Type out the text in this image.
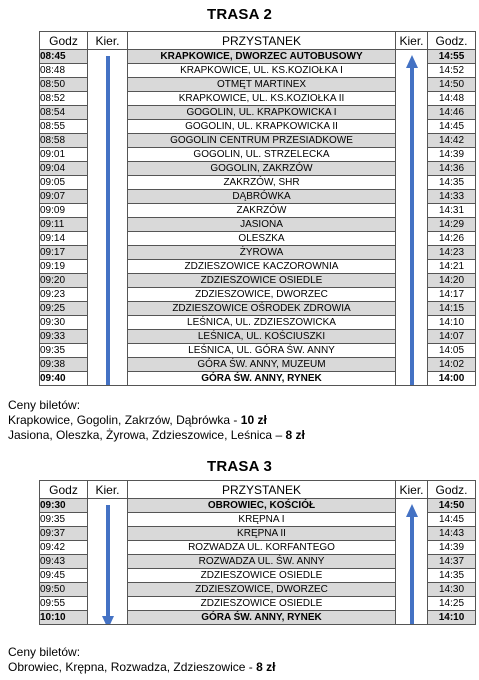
TRASA 2
Godz	Kier.	PRZYSTANEK	Kier.	Godz.
08:45		KRAPKOWICE, DWORZEC AUTOBUSOWY		14:55
08:48		KRAPKOWICE, UL. KS.KOZIOŁKA I		14:52
08:50		OTMĘT MARTINEX		14:50
08:52		KRAPKOWICE, UL. KS.KOZIOŁKA II		14:48
08:54		GOGOLIN, UL. KRAPKOWICKA I		14:46
08:55		GOGOLIN, UL. KRAPKOWICKA II		14:45
08:58		GOGOLIN CENTRUM PRZESIADKOWE		14:42
09:01		GOGOLIN, UL. STRZELECKA		14:39
09:04		GOGOLIN, ZAKRZÓW		14:36
09:05		ZAKRZÓW, SHR		14:35
09:07		DĄBRÓWKA		14:33
09:09		ZAKRZÓW		14:31
09:11		JASIONA		14:29
09:14		OLESZKA		14:26
09:17		ŻYROWA		14:23
09:19		ZDZIESZOWICE KACZOROWNIA		14:21
09:20		ZDZIESZOWICE OSIEDLE		14:20
09:23		ZDZIESZOWICE, DWORZEC		14:17
09:25		ZDZIESZOWICE OŚRODEK ZDROWIA		14:15
09:30		LEŚNICA, UL. ZDZIESZOWICKA		14:10
09:33		LEŚNICA, UL. KOŚCIUSZKI		14:07
09:35		LEŚNICA, UL. GÓRA ŚW. ANNY		14:05
09:38		GÓRA ŚW. ANNY, MUZEUM		14:02
09:40		GÓRA ŚW. ANNY, RYNEK		14:00
Ceny biletów:
Krapkowice, Gogolin, Zakrzów, Dąbrówka - 10 zł
Jasiona, Oleszka, Żyrowa, Zdzieszowice, Leśnica – 8 zł
TRASA 3
Godz	Kier.	PRZYSTANEK	Kier.	Godz.
09:30		OBROWIEC, KOŚCIÓŁ		14:50
09:35		KRĘPNA I		14:45
09:37		KRĘPNA II		14:43
09:42		ROZWADZA UL. KORFANTEGO		14:39
09:43		ROZWADZA UL. ŚW. ANNY		14:37
09:45		ZDZIESZOWICE OSIEDLE		14:35
09:50		ZDZIESZOWICE, DWORZEC		14:30
09:55		ZDZIESZOWICE OSIEDLE		14:25
10:10		GÓRA ŚW. ANNY, RYNEK		14:10
Ceny biletów:
Obrowiec, Krępna, Rozwadza, Zdzieszowice - 8 zł
